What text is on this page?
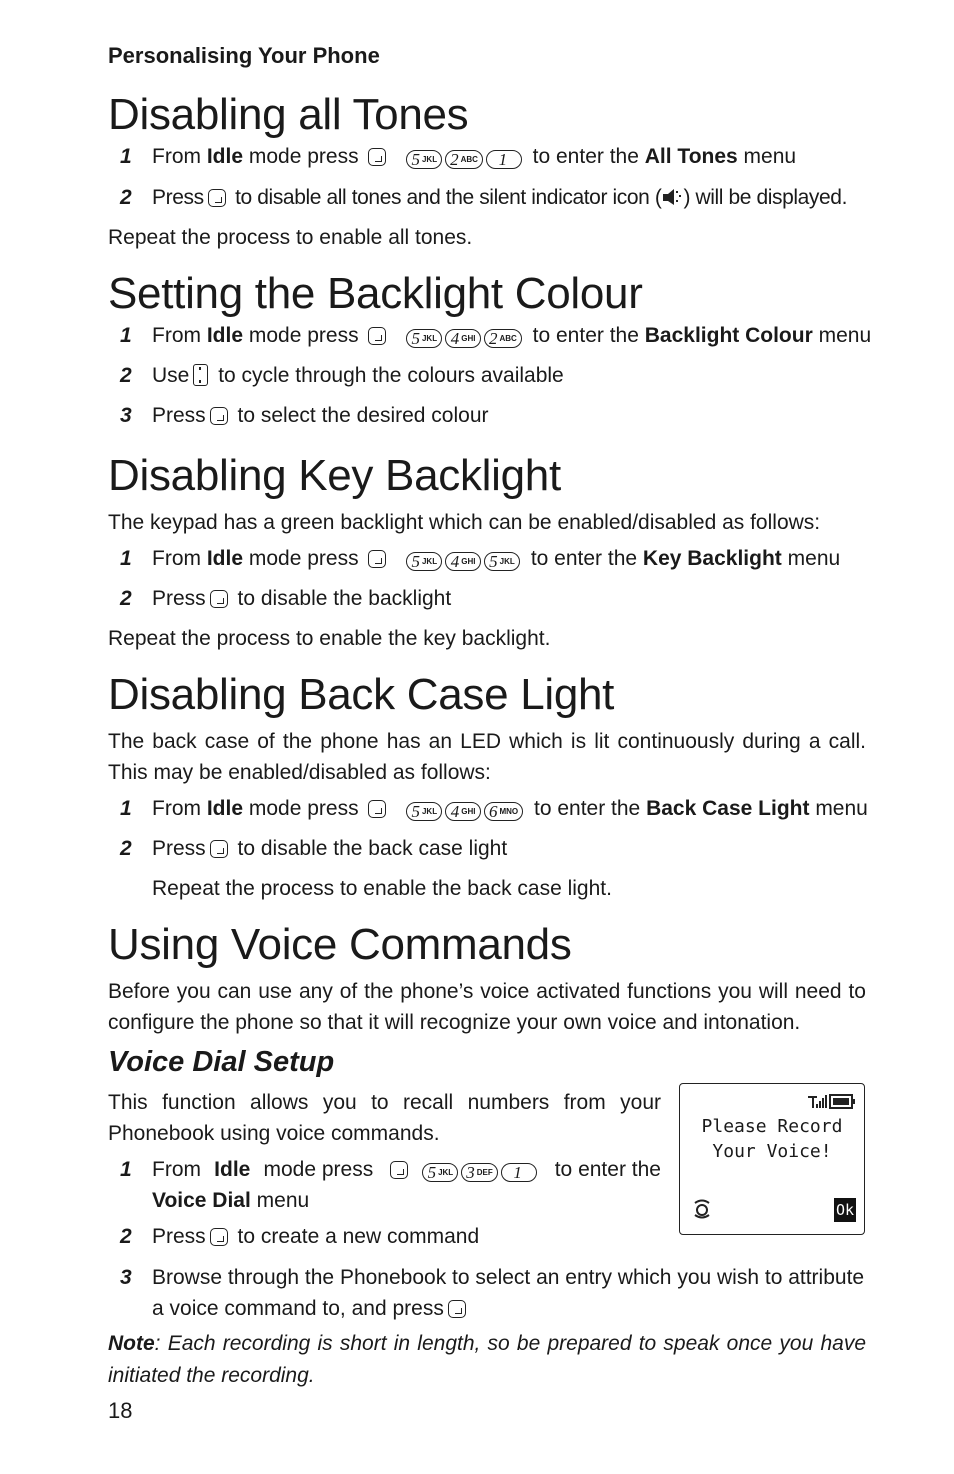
Personalising Your Phone
Disabling all Tones
1 From Idle mode press	5 JKL
2 ABC
1 to enter the All Tones menu
2 Press to disable all tones and the silent indicator icon ( ) will be displayed.
Repeat the process to enable all tones.
Setting the Backlight Colour
1 From Idle mode press	5 JKL
4 GHI
2 ABC to enter the Backlight Colour menu
2 Use to cycle through the colours available
3 Press to select the desired colour
Disabling Key Backlight
The keypad has a green backlight which can be enabled/disabled as follows:
1 From Idle mode press	5 JKL
4 GHI
5 JKL to enter the Key Backlight menu
2 Press to disable the backlight
Repeat the process to enable the key backlight.
Disabling Back Case Light
The back case of the phone has an LED which is lit continuously during a call. This may be enabled/disabled as follows:
1 From Idle mode press	5 JKL
4 GHI
6 MNO to enter the Back Case Light menu
2 Press to disable the back case light
Repeat the process to enable the back case light.
Using Voice Commands
Before you can use any of the phone’s voice activated functions you will need to configure the phone so that it will recognize your own voice and intonation.
Voice Dial Setup
This function allows you to recall numbers from your Phonebook using voice commands.
1 From Idle mode press	5 JKL
3 DEF
1 to enter the
Voice Dial menu
2 Press to create a new command
3 Browse through the Phonebook to select an entry which you wish to attribute a voice command to, and press
Please Record
Your Voice!
Ok
Note: Each recording is short in length, so be prepared to speak once you have initiated the recording.
18
